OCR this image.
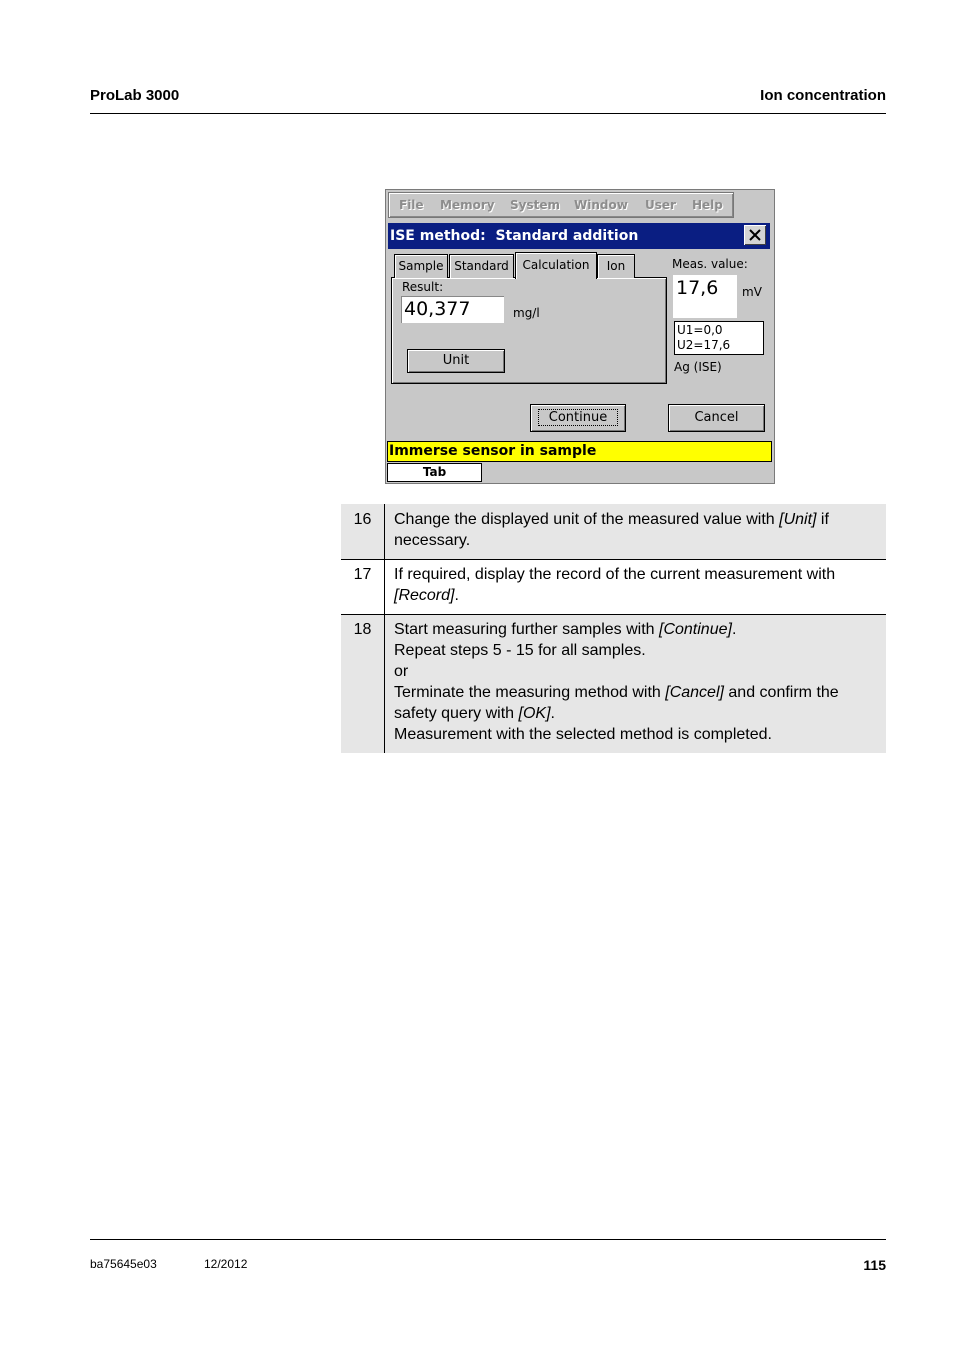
ProLab 3000	Ion concentration
File Memory System Window User Help
ISE method:  Standard addition
Sample Standard	Calculation	Ion
Result:
40,377	mg/l
Unit
Meas. value:
17,6 mV
U1=0,0
U2=17,6
Ag (ISE)
Continue	Cancel
Immerse sensor in sample
Tab
16	Change the displayed unit of the measured value with [Unit] if necessary.
17	If required, display the record of the current measurement with [Record].
18	Start measuring further samples with [Continue].
Repeat steps 5 - 15 for all samples.
or
Terminate the measuring method with [Cancel] and confirm the safety query with [OK].
Measurement with the selected method is completed.
ba75645e03	12/2012	115
